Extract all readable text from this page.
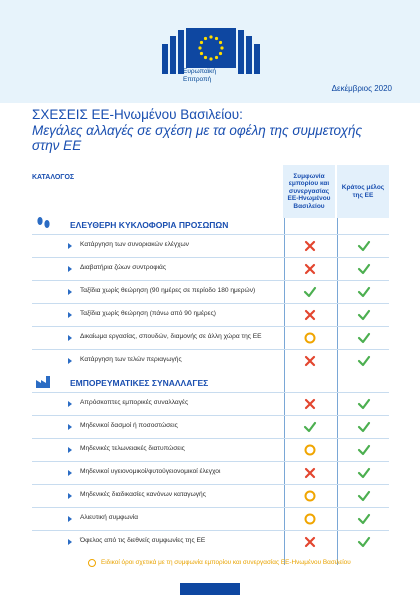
Ευρωπαϊκή
Επιτροπή
Δεκέμβριος 2020
ΣΧΕΣΕΙΣ ΕΕ-Ηνωμένου Βασιλείου:
Μεγάλες αλλαγές σε σχέση με τα οφέλη της συμμετοχής
στην ΕΕ
ΚΑΤΑΛΟΓΟΣ	Συμφωνία εμπορίου και συνεργασίας ΕΕ-Ηνωμένου Βασιλείου
Κράτος μέλος της ΕΕ
ΕΛΕΥΘΕΡΗ ΚΥΚΛΟΦΟΡΙΑ ΠΡΟΣΩΠΩΝ
Κατάργηση των συνοριακών ελέγχων
Διαβατήρια ζώων συντροφιάς
Ταξίδια χωρίς θεώρηση (90 ημέρες σε περίοδο 180 ημερών)
Ταξίδια χωρίς θεώρηση (πάνω από 90 ημέρες)
Δικαίωμα εργασίας, σπουδών, διαμονής σε άλλη χώρα της ΕΕ
Κατάργηση των τελών περιαγωγής
ΕΜΠΟΡΕΥΜΑΤΙΚΕΣ ΣΥΝΑΛΛΑΓΕΣ
Απρόσκοπτες εμπορικές συναλλαγές
Μηδενικοί δασμοί ή ποσοστώσεις
Μηδενικές τελωνειακές διατυπώσεις
Μηδενικοί υγειονομικοί/φυτοϋγειονομικοί έλεγχοι
Μηδενικές διαδικασίες κανόνων καταγωγής
Αλιευτική συμφωνία
Όφελος από τις διεθνείς συμφωνίες της ΕΕ
Ειδικοί όροι σχετικά με τη συμφωνία εμπορίου και συνεργασίας ΕΕ-Ηνωμένου Βασιλείου
